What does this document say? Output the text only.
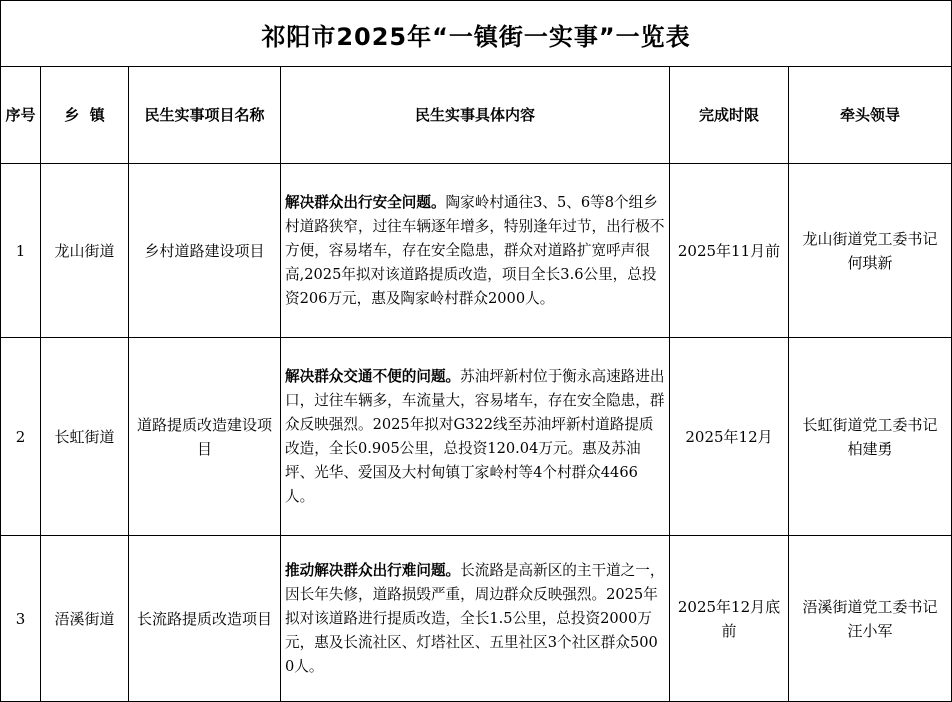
祁阳市2025年“一镇街一实事”一览表
序号	乡  镇	民生实事项目名称	民生实事具体内容	完成时限	牵头领导
1	龙山街道	乡村道路建设项目	解决群众出行安全问题。陶家岭村通往3、5、6等8个组乡村道路狭窄，过往车辆逐年增多，特别逢年过节，出行极不方便，容易堵车，存在安全隐患，群众对道路扩宽呼声很高,2025年拟对该道路提质改造，项目全长3.6公里，总投资206万元，惠及陶家岭村群众2000人。	2025年11月前	龙山街道党工委书记
何琪新

2	长虹街道	道路提质改造建设项目	解决群众交通不便的问题。苏油坪新村位于衡永高速路进出口，过往车辆多，车流量大，容易堵车，存在安全隐患，群众反映强烈。2025年拟对G322线至苏油坪新村道路提质改造，全长0.905公里，总投资120.04万元。惠及苏油坪、光华、爱国及大村甸镇丁家岭村等4个村群众4466人。	2025年12月	长虹街道党工委书记
柏建勇

3	浯溪街道	长流路提质改造项目	推动解决群众出行难问题。长流路是高新区的主干道之一，因长年失修，道路损毁严重，周边群众反映强烈。2025年拟对该道路进行提质改造，全长1.5公里，总投资2000万元，惠及长流社区、灯塔社区、五里社区3个社区群众5000人。	2025年12月底前	浯溪街道党工委书记
汪小军
